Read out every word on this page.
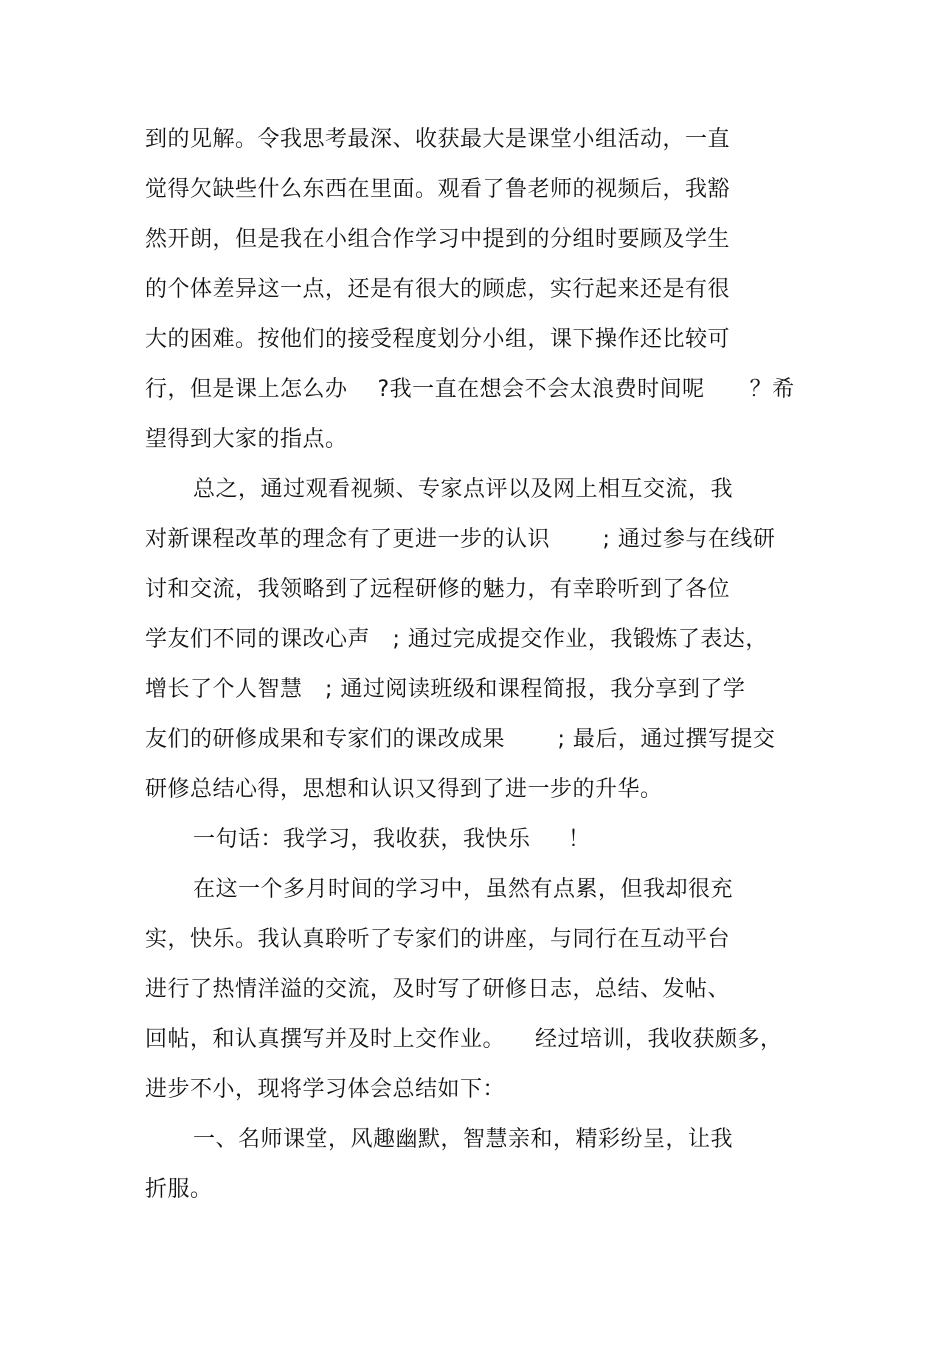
到的见解。令我思考最深、收获最大是课堂小组活动，一直
觉得欠缺些什么东西在里面。观看了鲁老师的视频后，我豁
然开朗，但是我在小组合作学习中提到的分组时要顾及学生
的个体差异这一点，还是有很大的顾虑，实行起来还是有很
大的困难。按他们的接受程度划分小组，课下操作还比较可
行，但是课上怎么办    ?我一直在想会不会太浪费时间呢      ？希
望得到大家的指点。
总之，通过观看视频、专家点评以及网上相互交流，我
对新课程改革的理念有了更进一步的认识       ; 通过参与在线研
讨和交流，我领略到了远程研修的魅力，有幸聆听到了各位
学友们不同的课改心声   ; 通过完成提交作业，我锻炼了表达，
增长了个人智慧   ; 通过阅读班级和课程简报，我分享到了学
友们的研修成果和专家们的课改成果       ; 最后，通过撰写提交
研修总结心得，思想和认识又得到了进一步的升华。
一句话：我学习，我收获，我快乐     ！
在这一个多月时间的学习中，虽然有点累，但我却很充
实，快乐。我认真聆听了专家们的讲座，与同行在互动平台
进行了热情洋溢的交流，及时写了研修日志，总结、发帖、
回帖，和认真撰写并及时上交作业。    经过培训，我收获颇多，
进步不小，现将学习体会总结如下：
一、名师课堂，风趣幽默，智慧亲和，精彩纷呈，让我
折服。
